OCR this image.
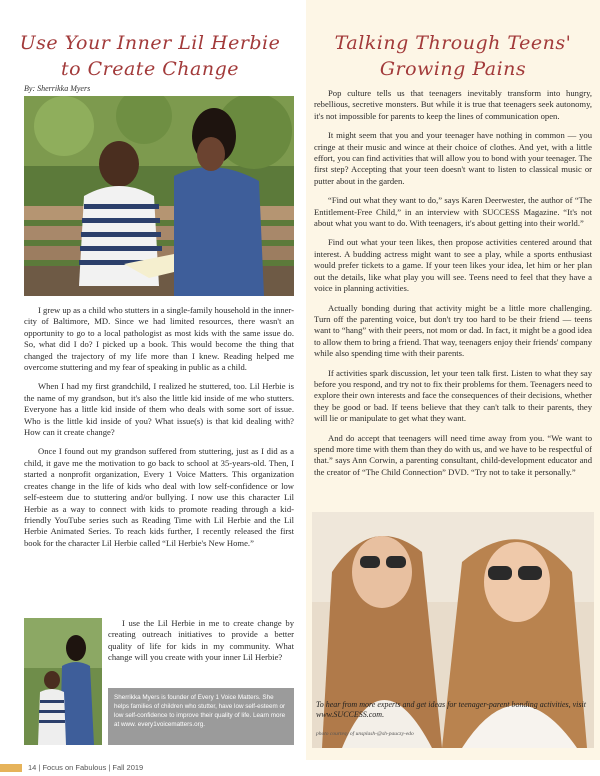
Use Your Inner Lil Herbie
to Create Change
By: Sherrikka Myers

I grew up as a child who stutters in a single-family household in the inner-city of Baltimore, MD. Since we had limited resources, there wasn't an opportunity to go to a local pathologist as most kids with the same issue do. So, what did I do? I picked up a book. This would become the thing that changed the trajectory of my life more than I knew. Reading helped me overcome stuttering and my fear of speaking in public as a child.

When I had my first grandchild, I realized he stuttered, too. Lil Herbie is the name of my grandson, but it's also the little kid inside of me who stutters. Everyone has a little kid inside of them who deals with some sort of issue. Who is the little kid inside of you? What issue(s) is that kid dealing with? How can it create change?

Once I found out my grandson suffered from stuttering, just as I did as a child, it gave me the motivation to go back to school at 35-years-old. Then, I started a nonprofit organization, Every 1 Voice Matters. This organization creates change in the life of kids who deal with low self-confidence or low self-esteem due to stuttering and/or bullying. I now use this character Lil Herbie as a way to connect with kids to promote reading through a kid-friendly YouTube series such as Reading Time with Lil Herbie and the Lil Herbie Animated Series. To reach kids further, I recently released the first book for the character Lil Herbie called “Lil Herbie's New Home.”

I use the Lil Herbie in me to create change by creating outreach initiatives to provide a better quality of life for kids in my community. What change will you create with your inner Lil Herbie?

Sherrikka Myers is founder of Every 1 Voice Matters. She helps families of children who stutter, have low self-esteem or low self-confidence to improve their quality of life. Learn more at www. every1voicematters.org.
Talking Through Teens'
Growing Pains

Pop culture tells us that teenagers inevitably transform into hungry, rebellious, secretive monsters. But while it is true that teenagers seek autonomy, it's not impossible for parents to keep the lines of communication open.

It might seem that you and your teenager have nothing in common — you cringe at their music and wince at their choice of clothes. And yet, with a little effort, you can find activities that will allow you to bond with your teenager. The first step? Accepting that your teen doesn't want to listen to classical music or putter about in the garden.

“Find out what they want to do,” says Karen Deerwester, the author of “The Entitlement-Free Child,” in an interview with SUCCESS Magazine. “It's not about what you want to do. With teenagers, it's about getting into their world.”

Find out what your teen likes, then propose activities centered around that interest. A budding actress might want to see a play, while a sports enthusiast would prefer tickets to a game. If your teen likes your idea, let him or her plan out the details, like what play you will see. Teens need to feel that they have a voice in planning activities.

Actually bonding during that activity might be a little more challenging. Turn off the parenting voice, but don't try too hard to be their friend — teens want to “hang” with their peers, not mom or dad. In fact, it might be a good idea to allow them to bring a friend. That way, teenagers enjoy their friends' company while also spending time with their parents.

If activities spark discussion, let your teen talk first. Listen to what they say before you respond, and try not to fix their problems for them. Teenagers need to explore their own interests and face the consequences of their decisions, whether they be good or bad. If teens believe that they can't talk to their parents, they will lie or manipulate to get what they want.

And do accept that teenagers will need time away from you. “We want to spend more time with them than they do with us, and we have to be respectful of that.” says Ann Corwin, a parenting consultant, child-development educator and the creator of “The Child Connection” DVD. “Try not to take it personally.”

To hear from more experts and get ideas for teenager-parent bonding activities, visit www.SUCCESS.com.
photo courtesy of unsplash-@sh-pauczy-edo
14 | Focus on Fabulous | Fall 2019
